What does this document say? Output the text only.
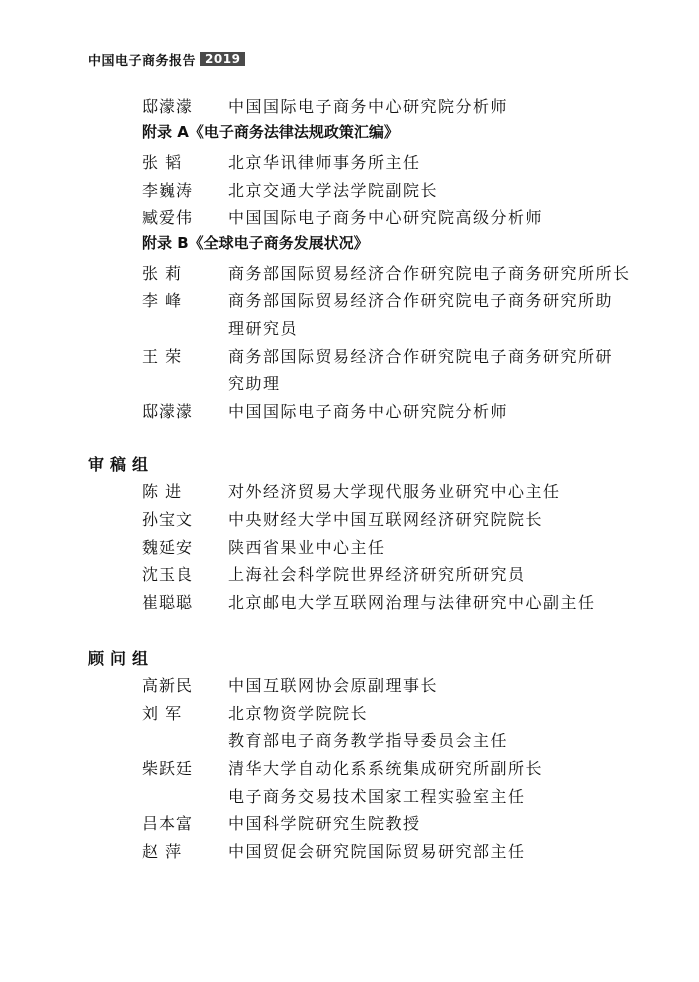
中国电子商务报告 2019
邸濛濛	中国国际电子商务中心研究院分析师
附录 A《电子商务法律法规政策汇编》
张 韬	北京华讯律师事务所主任
李巍涛	北京交通大学法学院副院长
臧爱伟	中国国际电子商务中心研究院高级分析师
附录 B《全球电子商务发展状况》
张 莉	商务部国际贸易经济合作研究院电子商务研究所所长
李 峰	商务部国际贸易经济合作研究院电子商务研究所助
理研究员
王 荣	商务部国际贸易经济合作研究院电子商务研究所研
究助理
邸濛濛	中国国际电子商务中心研究院分析师
审稿组
陈 进	对外经济贸易大学现代服务业研究中心主任
孙宝文	中央财经大学中国互联网经济研究院院长
魏延安	陕西省果业中心主任
沈玉良	上海社会科学院世界经济研究所研究员
崔聪聪	北京邮电大学互联网治理与法律研究中心副主任
顾问组
高新民	中国互联网协会原副理事长
刘 军	北京物资学院院长
教育部电子商务教学指导委员会主任
柴跃廷	清华大学自动化系系统集成研究所副所长
电子商务交易技术国家工程实验室主任
吕本富	中国科学院研究生院教授
赵 萍	中国贸促会研究院国际贸易研究部主任
